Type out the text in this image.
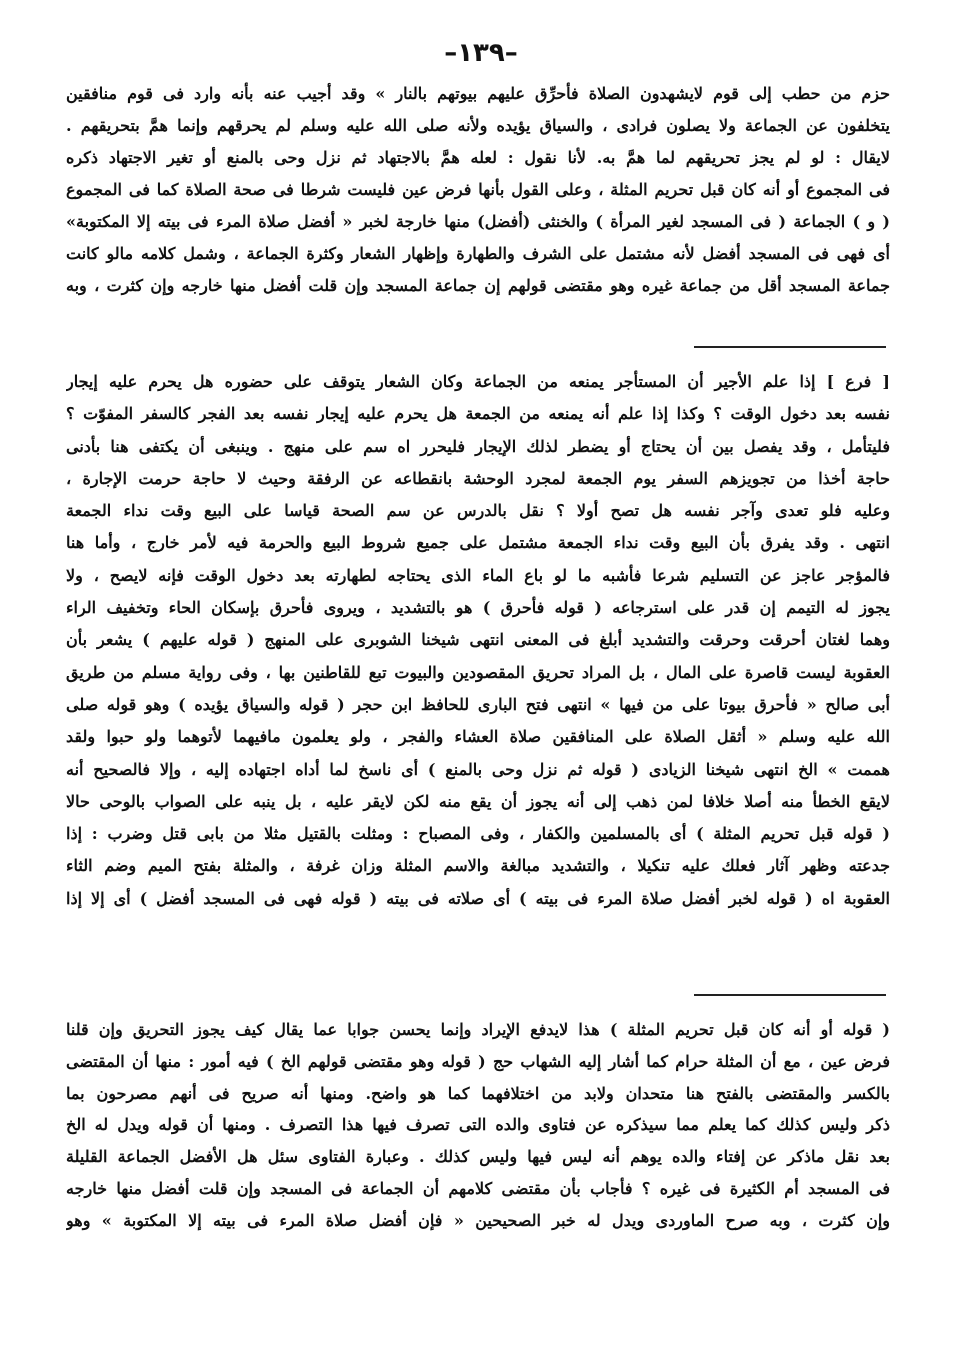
–١٣٩–
حزم من حطب إلى قوم لايشهدون الصلاة فأحرِّق عليهم بيوتهم بالنار » وقد أجيب عنه بأنه وارد فى قوم منافقين
يتخلفون عن الجماعة ولا يصلون فرادى ، والسياق يؤيده ولأنه صلى الله عليه وسلم لم يحرقهم وإنما همَّ بتحريقهم .
لايقال : لو لم يجز تحريقهم لما همَّ به. لأنا نقول : لعله همَّ بالاجتهاد ثم نزل وحى بالمنع أو تغير الاجتهاد ذكره
فى المجموع أو أنه كان قبل تحريم المثلة ، وعلى القول بأنها فرض عين فليست شرطا فى صحة الصلاة كما فى المجموع
( و ) الجماعة ( فى المسجد لغير المرأة ) والخنثى (أفضل) منها خارجة لخبر « أفضل صلاة المرء فى بيته إلا المكتوبة»
أى فهى فى المسجد أفضل لأنه مشتمل على الشرف والطهارة وإظهار الشعار وكثرة الجماعة ، وشمل كلامه مالو كانت
جماعة المسجد أقل من جماعة غيره وهو مقتضى قولهم إن جماعة المسجد وإن قلت أفضل منها خارجه وإن كثرت ، وبه
[ فرع ] إذا علم الأجير أن المستأجر يمنعه من الجماعة وكان الشعار يتوقف على حضوره هل يحرم عليه إيجار
نفسه بعد دخول الوقت ؟ وكذا إذا علم أنه يمنعه من الجمعة هل يحرم عليه إيجار نفسه بعد الفجر كالسفر المفوّت ؟
فليتأمل ، وقد يفصل بين أن يحتاج أو يضطر لذلك الإيجار فليحرر اه سم على منهج . وينبغى أن يكتفى هنا بأدنى
حاجة أخذا من تجويزهم السفر يوم الجمعة لمجرد الوحشة بانقطاعه عن الرفقة وحيث لا حاجة حرمت الإجارة ،
وعليه فلو تعدى وآجر نفسه هل تصح أولا ؟ نقل بالدرس عن سم الصحة قياسا على البيع وقت نداء الجمعة
انتهى . وقد يفرق بأن البيع وقت نداء الجمعة مشتمل على جميع شروط البيع والحرمة فيه لأمر خارج ، وأما هنا
فالمؤجر عاجز عن التسليم شرعا فأشبه ما لو باع الماء الذى يحتاجه لطهارته بعد دخول الوقت فإنه لايصح ، ولا
يجوز له التيمم إن قدر على استرجاعه ( قوله فأحرق ) هو بالتشديد ، ويروى فأحرق بإسكان الحاء وتخفيف الراء
وهما لغتان أحرقت وحرقت والتشديد أبلغ فى المعنى انتهى شيخنا الشوبرى على المنهج ( قوله عليهم ) يشعر بأن
العقوبة ليست قاصرة على المال ، بل المراد تحريق المقصودين والبيوت تبع للقاطنين بها ، وفى رواية مسلم من طريق
أبى صالح « فأحرق بيوتا على من فيها » انتهى فتح البارى للحافظ ابن حجر ( قوله والسياق يؤيده ) وهو قوله صلى
الله عليه وسلم « أثقل الصلاة على المنافقين صلاة العشاء والفجر ، ولو يعلمون مافيهما لأتوهما ولو حبوا ولقد
هممت » الخ انتهى شيخنا الزيادى ( قوله ثم نزل وحى بالمنع ) أى ناسخ لما أداه اجتهاده إليه ، وإلا فالصحيح أنه
لايقع الخطأ منه أصلا خلافا لمن ذهب إلى أنه يجوز أن يقع منه لكن لايقر عليه ، بل ينبه على الصواب بالوحى حالا
( قوله قبل تحريم المثلة ) أى بالمسلمين والكفار ، وفى المصباح : ومثلت بالقتيل مثلا من بابى قتل وضرب : إذا
جدعته وظهر آثار فعلك عليه تنكيلا ، والتشديد مبالغة والاسم المثلة وزان غرفة ، والمثلة بفتح الميم وضم الثاء
العقوبة اه ( قوله لخبر أفضل صلاة المرء فى بيته ) أى صلاته فى بيته ( قوله فهى فى المسجد أفضل ) أى إلا إذا
( قوله أو أنه كان قبل تحريم المثلة ) هذا لايدفع الإيراد وإنما يحسن جوابا عما يقال كيف يجوز التحريق وإن قلنا
فرض عين ، مع أن المثلة حرام كما أشار إليه الشهاب حج ( قوله وهو مقتضى قولهم الخ ) فيه أمور : منها أن المقتضى
بالكسر والمقتضى بالفتح هنا متحدان ولابد من اختلافهما كما هو واضح. ومنها أنه صريح فى أنهم مصرحون بما
ذكر وليس كذلك كما يعلم مما سيذكره عن فتاوى والده التى تصرف فيها هذا التصرف . ومنها أن قوله ويدل له الخ
بعد نقل ماذكر عن إفتاء والده يوهم أنه ليس فيها وليس كذلك . وعبارة الفتاوى سئل هل الأفضل الجماعة القليلة
فى المسجد أم الكثيرة فى غيره ؟ فأجاب بأن مقتضى كلامهم أن الجماعة فى المسجد وإن قلت أفضل منها خارجه
وإن كثرت ، وبه صرح الماوردى ويدل له خبر الصحيحين « فإن أفضل صلاة المرء فى بيته إلا المكتوبة » وهو
